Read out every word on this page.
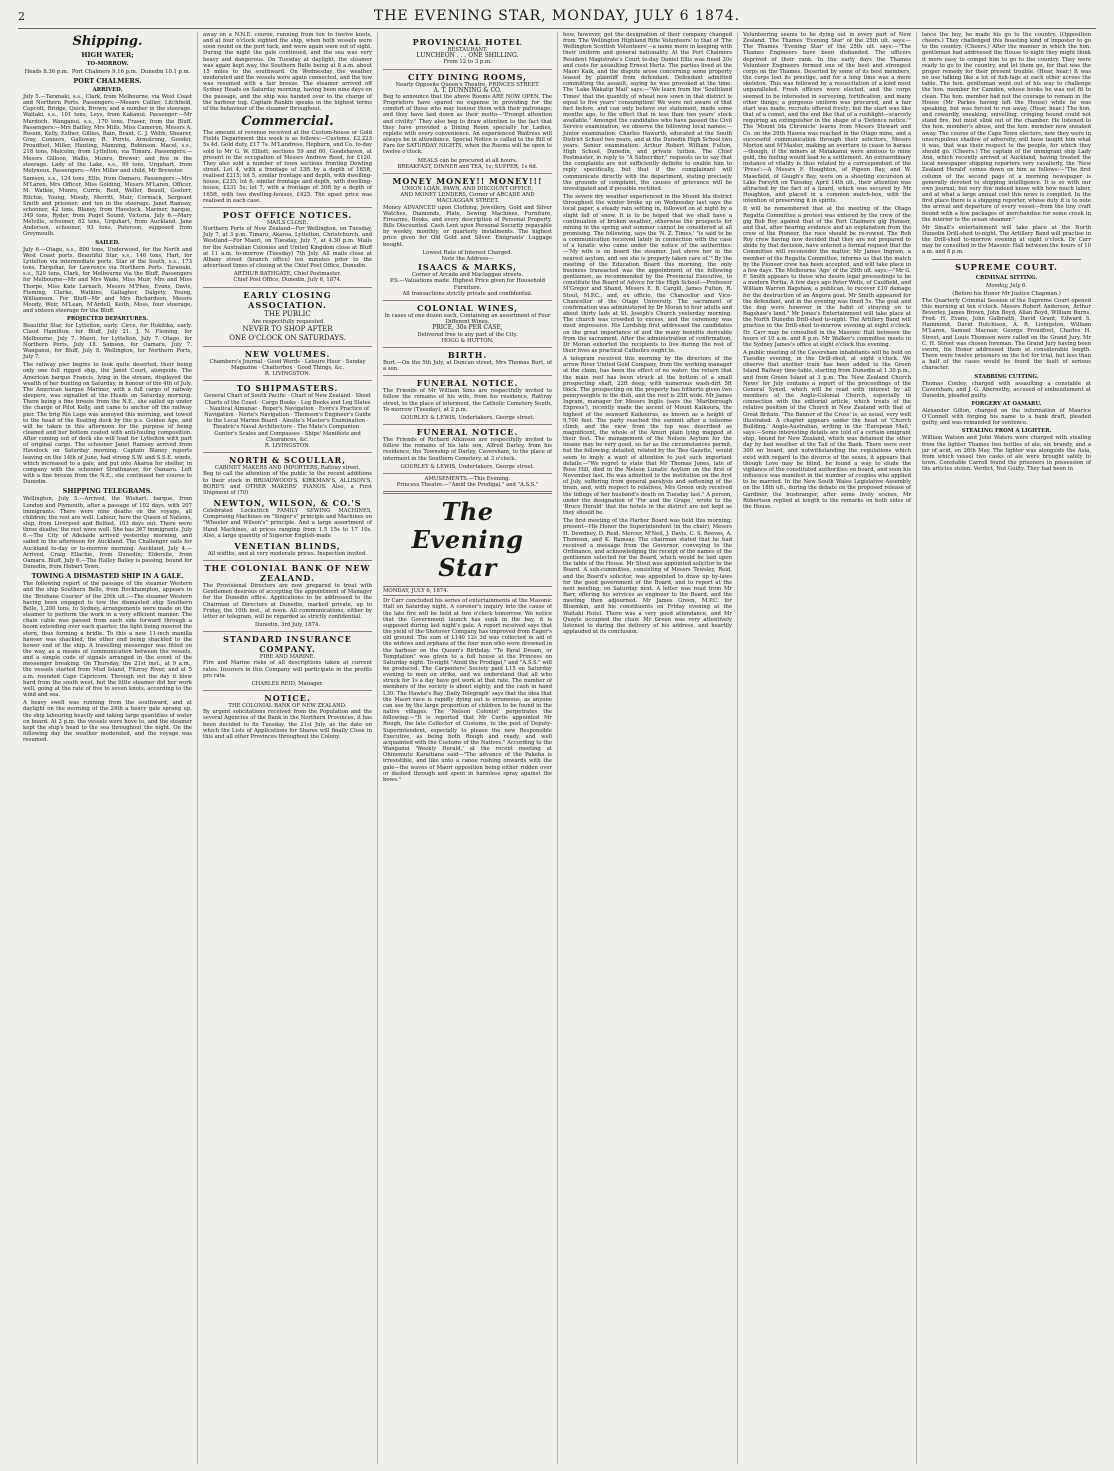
2	THE EVENING STAR, MONDAY, JULY 6 1874.
Shipping.
HIGH WATER;
TO-MORROW.
Heads 8.36 p.m. Port Chalmers 9.16 p.m. Dunedin 10.1 p.m.
PORT CHALMERS.
ARRIVED.

July 5.—Taranaki, s.s., Clark, from Melbourne, via West Coast and Northern Ports. Passengers:—Mesars Collier, Litchfield, Capcott, Bridge, Quick, Brown; and a number in the steerage. Waitaki, s.s., 101 tons, Leys, from Kakanui. Passenger:—Mr Murdoch. Wanganui, s.s., 170 tons, Fraser, from the Bluff. Passengers:—Mrs Bailley, Mrs Mills, Miss Cameron, Messrs A. Rossin, Kelly, Esther, Gillies, Bain, Braid, C. J. Webb, Shearer, Gray, Conners, Galloway, R. Purvis, Armstrong, Gooder, Proudfoot, Miller, Hunting, Manning, Robinson. Macel, s.s., 218 tons, Malcolm, from Lyttelton, via Timaru. Passengers:—Messrs Gilloon, Wallis, Munro, Brewer; and five in the steerage. Lady of the Lake, s.s., 99 tons, Urquhart, from Molyneux. Passengers:—Mrs Miller and child, Mr Brewster.

Samson, s.s., 124 tons, Ellis, from Oamaru. Passengers:—Mrs M'Laren, Mrs Officer, Miss Golding, Messrs M'Laren, Officer, M. Watkie, Munro, Currie, Reid, Weller, Beaull, Gosterr, Ritchie, Young, Moody, Merritt, Muir, Cormack, Sergeant Smith and prisoner; and ten in the steerage. Janet Ramsay, schooner, 42 tons, Blaney, from Havelock. Mariner, barque, 349 tons, Ryder, from Puget Sound, Victoria. July 6.—Mary Melville, schooner, 62 tons, Urquhart, from Auckland. Jane Anderson, schooner, 93 tons, Paterson, supposed from Greymouth.

SAILED.

July 6.—Otago, s.s., 800 tons, Underwood, for the North and West Coast ports. Beautiful Star, s.s., 146 tons, Hart, for Lyttelton via intermediate ports. Star of the South, s.s., 173 tons, Farquhar, for Lawrence via Northern Ports. Taranaki, s.s., 520 tons, Clark, for Melbourne via the Bluff. Passengers for Melbourne—Mr and Mrs Wade, Miss Muir, Mrs and Miss Thorpe, Miss Kate Larnach, Messrs M'Phee, Evans, Davis, Fleming, Clarke, Watkins, Gallagher, Dalgety, Young, Williamson. For Bluff—Mr and Mrs Richardson, Messrs Moody, Weir, M'Lean, M'Ardell, Keith, Moss, four steerage, and sixteen steerage for the Bluff.

PROJECTED DEPARTURES.

Beautiful Star, for Lyttelton, early. Circe, for Hokitika, early. Claud Hamilton, for Bluff, July 21. J. N. Fleming, for Melbourne, July 7. Maori, for Lyttelton, July 7. Otago, for Northern Ports, July 18. Samson, for Oamaru, July 7. Wanganui, for Bluff, July 8. Wellington, for Northern Ports, July 7.

The railway pier begins to look quite deserted, their being only one full rigged ship, the Janet Court, alongside. The American barque Francis, lying in the stream, displayed the wealth of her bunting on Saturday, in honour of the 4th of July. The American barque Mariner, with a full cargo of railway sleepers, was signalled at the Heads on Saturday morning. There being a fine breeze from the N.E., she sailed up under the charge of Pilot Kelly, and came to anchor off the railway pier. The brig Rio Loge was annoyed this morning, and towed to the head of the floating dock by the p.s. Golden Age, and will be taken in this afternoon for the purpose of being cleaned and her bottom coated with anti-fouling composition. After coming out of dock she will load for Lyttelton with part of original cargo. The schooner Janet Ramsay arrived from Havelock on Saturday morning. Captain Blaney reports leaving on the 14th of June, had strong S.W. and S.S.E. winds, which increased to a gale, and put into Akaroa for shelter, in company with the schooner Strathnaver, for Oamaru. Left with a fine breeze from the N.E., she continued her course to Dunedin.

SHIPPING TELEGRAMS.

Wellington, July 5.—Arrived, the Wishart, barque, from London and Plymouth, after a passage of 102 days, with 207 immigrants. There were nine deaths on the voyage, all children; the rest are well. Labour, here the Queen of Nations, ship, from Liverpool and Belfast, 103 days out. There were three deaths; the rest were well. She has 367 immigrants. July 6.—The City of Adelaide arrived yesterday morning, and sailed in the afternoon for Auckland. The Challenger sails for Auckland to-day or to-morrow morning. Auckland, July 4.—Arrived, Craig Ellachie, from Dunedin; Elderslie, from Oamaru. Bluff, July 6.—The Halley Bailey is passing, bound for Dunedin, from Hobart Town.

TOWING A DISMASTED SHIP IN A GALE.

The following report of the passage of the steamer Western and the ship Southern Belle, from Rockhampton, appears in the 'Brisbane Courier' of the 29th ult.:—The steamer Western having been engaged to tow the dismasted ship Southern Belle, 1,200 tons, to Sydney, arrangements were made on the steamer to perform the work in a very efficient manner. The chain cable was passed from each side forward through a boom extending over each quarter, the light being moored the stern, thus forming a bridle. To this a new 11-inch manilla hawser was shackled, the other end being shackled to the bower end of the ship. A travelling messenger was fitted on the way, as a means of communication between the vessels, and a simple code of signals arranged in the event of the messenger breaking. On Thursday, the 21st inst., at 9 a.m., the vessels started from Mud Island, Fitzroy River, and at 5 a.m. rounded Cape Capricorn. Through out the day it blew hard from the south west, but the little steamer did her work well, going at the rate of five to seven knots, according to the wind and sea.

A heavy swell was running from the southward, and at daylight on the morning of the 24th a heavy gale sprang up, the ship labouring heavily and taking large quantities of water on board. At 2 p.m. the vessels were hove to, and the steamer kept the ship's head to the sea throughout the night. On the following day the weather moderated, and the voyage was resumed.

away on a N.N.E. course, running from ten to twelve knots, and at four o'clock sighted the ship, when both vessels were soon round on the port tack, and were again soon out of sight. During the night the gale continued, and the sea was very heavy and dangerous. On Tuesday at daylight, the steamer was again kept way, the Southern Belle being at 8 a.m. about 15 miles to the southward. On Wednesday the weather moderated and the vessels were again connected, and the tow was resumed with a fair breeze. The steamer arrived off Sydney Heads on Saturday morning, having been nine days on the passage, and the ship was handed over to the charge of the harbour tug. Captain Rankin speaks in the highest terms of the behaviour of the steamer throughout.

Commercial.

The amount of revenue received at the Custom-house or Gold Fields Department this week is as follows:—Customs, £2,223 5s 4d. Gold duty, £17 7s. M'Landress, Hepburn, and Co. to-day sold to Mr G. W. Elliott, sections 59 and 60, Goodshaven, at present in the occupation of Messrs Andrew Reed, for £120. They also sold a number of town sections fronting Dowling street. Lot 4, with a frontage of 33ft by a depth of 165ft, realised £215; lot 5, similar frontage and depth, with dwelling-house, £235; lot 6, similar frontage and depth, with dwelling-house, £231 5s; lot 7, with a frontage of 30ft by a depth of 165ft, with two dwelling-houses, £425. The upset price was realised in each case.

POST OFFICE NOTICES.
MAILS CLOSE.

Northern Ports of New Zealand—For Wellington, on Tuesday, July 7, at 3 p.m. Timaru, Akaroa, Lyttelton, Christchurch, and Westland—For Maori, on Tuesday, July 7, at 4.30 p.m. Mails for the Australian Colonies and United Kingdom close at Bluff at 11 a.m. to-morrow (Tuesday) 7th July. All mails close at Albany street (branch office) ten minutes prior to the advertised times of closing at the Chief Post Office, Dunedin.

ARTHUR BATHGATE, Chief Postmaster.
Chief Post Office, Dunedin, July 6, 1874.
EARLY CLOSING ASSOCIATION.
THE PUBLIC
Are respectfully requested
NEVER TO SHOP AFTER
ONE O'CLOCK ON SATURDAYS.
NEW VOLUMES.
Chambers's Journal · Good Words · Leisure Hour · Sunday Magazine · Chatterbox · Good Things, &c.
R. LIVINGSTON.
TO SHIPMASTERS.
General Chart of South Pacific · Chart of New Zealand · Sheet Charts of the Coast · Cargo Books · Log Books and Log Slates · Nautical Almanac · Roper's Navigation · Evers's Practice of Navigation · Norie's Navigation · Thomson's Engineer's Guide to the Local Marine Board · Ainslie's Master's Examination · Theatric's Naval Architecture · The Mate's Companion · Gunter's Scales and Compasses · Ships' Manifests and Clearances, &c.
R. LIVINGSTON.
NORTH & SCOULLAR,
CABINET MAKERS AND IMPORTERS, Rattray street,

Beg to call the attention of the public to the recent additions to their stock in BROADWOOD'S, KIRKMAN'S, ALLISON'S, BORD'S and OTHER MAKERS' PIANOS. Also, a First Shipment of (70)

NEWTON, WILSON, & CO.'S

Celebrated Lockstitch FAMILY SEWING MACHINES, Comprising Machines on "Singer's" principle and Machines on "Wheeler and Wilson's" principle. And a large assortment of Hand Machines, at prices ranging from 1.5 15s to 17 10s. Also, a large quantity of Superior English-made

VENETIAN BLINDS,
All widths, and at very moderate prices. Inspection invited.
THE COLONIAL BANK OF NEW ZEALAND.

The Provisional Directors are now prepared to treat with Gentlemen desirous of accepting the appointment of Manager for the Dunedin office. Applications to be addressed to the Chairman of Directors at Dunedin, marked private, up to Friday, the 10th inst., at noon. All communications, either by letter or telegram, will be regarded as strictly confidential.

Dunedin, 3rd July, 1874.
STANDARD INSURANCE COMPANY.
FIRE AND MARINE.

Fire and Marine risks of all descriptions taken at current rates. Insurers in this Company will participate in the profits pro rata.

CHARLES REID, Manager.
NOTICE.
THE COLONIAL BANK OF NEW ZEALAND.

By urgent solicitations received from the Population and the several Agencies of the Bank in the Northern Provinces, it has been decided to fix Tuesday, the 21st July, as the date on which the Lists of Applications for Shares will finally Close in this and all other Provinces throughout the Colony.

PROVINCIAL HOTEL
RESTAURANT.
LUNCHEON . . . ONE SHILLING.
From 12 to 3 p.m.
CITY DINING ROOMS,
Nearly Opposite Queen's Theatre, PRINCES STREET.
A. T. DUNNING & CO.

Beg to announce that the above Rooms ARE NOW OPEN. The Proprietors have spared no expense in providing for the comfort of those who may honour them with their patronage; and they have laid down as their motto—"Prompt attention and civility." They also beg to draw attention to the fact that they have provided a Dining Room specially for Ladies, replete with every convenience. An experienced Waitress will always be in attendance. Special Notice is called to the Bill of Fare for SATURDAY NIGHTS, when the Rooms will be open to twelve o'clock.

MEALS can be procured at all hours.
BREAKFAST, DINNER and TEA, 1s; SUPPER, 1s 6d.
MONEY MONEY!! MONEY!!!
UNION LOAN, PAWN, AND DISCOUNT OFFICE,
AND MONEY LENDERS, Corner of ARCADE AND MACLAGGAN STREET.

Money ADVANCED upon Clothing, Jewellery, Gold and Silver Watches, Diamonds, Plate, Sewing Machines, Furniture, Firearms, Books, and every description of Personal Property. Bills Discounted. Cash Lent upon Personal Security repayable by weekly, monthly, or quarterly instalments. The highest price given for Old Gold and Silver. Emigrants' Luggage bought.

Lowest Rate of Interest Charged.
Note the Address—
ISAACS & MARKS,
Corner of Arcade and Maclaggan streets.
P.S.—Valuations made. Highest Price given for Household Furniture.
All transactions strictly private and confidential.
COLONIAL WINES,
In cases of one dozen each, Containing an assortment of Four Different Wines.
PRICE, 30s PER CASE,
Delivered free to any part of the City.
HOGG & HUTTON.
BIRTH.

Burt.—On the 5th July, at Duncan street, Mrs Thomas Burt, of a son.

FUNERAL NOTICE.

The Friends of Mr William Sims are respectfully invited to follow the remains of his wife, from his residence, Rattray street, to the place of interment, the Catholic Cemetery South, To-morrow (Tuesday), at 2 p.m.

GOURLEY & LEWIS, Undertakers, George street.
FUNERAL NOTICE.

The Friends of Richard Atkinson are respectfully invited to follow the remains of his late son, Alfred Darley, from his residence, the Township of Darley, Caversham, to the place of interment in the Southern Cemetery, at 3 o'clock.

GOURLEY & LEWIS, Undertakers, George street.
AMUSEMENTS.—This Evening.
Princess Theatre.—"Amid the Prodigal," and "A.S.S."
The Evening Star
MONDAY, JULY 6, 1874.

Dr Carr concluded his series of entertainments at the Masonic Hall on Saturday night. A coroner's inquiry into the cause of the late fire will be held at two o'clock tomorrow. We notice that the Government launch has sunk in the bay, it is supposed during last night's gale. A report received says that the yield of the Shotover Company has improved from Eager's old ground. The sum of L140 12s 3d was collected in aid of the widows and orphans of the four men who were drowned in the harbour on the Queen's Birthday. "To Paral Dream, or Temptation" was given to a full house at the Princess on Saturday night. To-night "Amid the Prodigal," and "A.S.S." will be produced. The Carpenters' Society paid L15 on Saturday evening to men on strike, and we understand that all who struck for 1s a day have got work at that rate. The number of members of the society is about eighty, and the cash in hand L30. The Hawke's Bay 'Daily Telegraph' says that the idea that the Maori race is rapidly dying out is erroneous, as anyone can see by the large proportion of children to be found in the native villages. The 'Nelson Colonist' perpetrates the following:—"It is reported that Mr Curtis appointed Mr Rough, the late Collector of Customs, to the post of Deputy-Superintendent, especially to please the new Responsible Executive, as being both Rough and ready, and well acquainted with the Customs of the Natives." According to the Wanganui 'Weekly Herald,' at the recent meeting at Ohinemutu Karaitiana said—"The advance of the Pakeha is irresistible, and like unto a canoe rushing onwards with the gale—the waves of Maori opposition being either ridden over or dashed through and spent in harmless spray against the bows."

how, however, got the designation of their company changed from 'The Wellington Highland Rifle Volunteers' to that of 'The Wellington Scottish Volunteers'—a name more in keeping with their uniform and general nationality. At the Port Chalmers Resident Magistrate's Court to-day Daniel Ellis was fined 20s and costs for assaulting Ernest Hertz. The parties lived at the Maori Kaik, and the dispute arose concerning some property leased by plaintiff from defendant. Defendant admitted committing the assault, saying he was provoked at the time. The 'Lake Wakatip Mail' says:—"We learn from the 'Southland Times' that the quantity of wheat now sown in that district is equal to five years' consumption! We were not aware of that fact before, and can only believe our statement, made some months ago, to the effect that in less than two years' stock available." Amongst the candidates who have passed the Civil Service examination, we observe the following local names:—Junior examination: Charles Haworth, educated at the South District School two years, and at the Dunedin High School two years. Senior examination: Arthur Robert William Fulton, High School, Dunedin, and private tuition. The Chief Postmaster, in reply to "A Subscriber," requests us to say that the complaints are not sufficiently definite to enable him to reply specifically, but that if the complainant will communicate directly with the department, stating precisely the grounds of complaint, the causes of grievance will be investigated and if possible rectified.

The severe dry weather experienced in the Mount Ida district throughout the winter broke up on Wednesday last says the local paper, a steady rain setting in, followed on at night by a slight fall of snow. It is to be hoped that we shall have a continuation of broken weather, otherwise the prospects for mining in the spring and summer cannot be considered at all promising. The following, says the 'N. Z. Times,' "is said to be a communication received lately in connection with the case of a lunatic who came under the notice of the authorities:—'My wife is on board the steamer. Just shove her in the nearest asylum, and see she is properly taken care of.'" By the meeting of the Education Board this morning, the only business transacted was the appointment of the following gentlemen, as recommended by the Provincial Executive, to constitute the Board of Advice for the High School:—Professor M'Gregor and Shand, Messrs E. B. Cargill, James Fulton, R. Stout, M.P.C., and, ex officio, the Chancellor and Vice-Chancellor of the Otago University. The sacrament of confirmation was administered by Dr Moran to four adults and about thirty lads at St. Joseph's Church yesterday morning. The church was crowded to excess, and the ceremony was most impressive. His Lordship first addressed the candidates on the great importance of and the many benefits derivable from the sacrament. After the administration of confirmation, Dr Moran exhorted the recipients to live during the rest of their lives as practical Catholics ought to.

A telegram received this morning by the directors of the arrow River United Gold Company, from the working manager at the claim, has been the effect of no water: the return that the main reef has been struck at the bottom of a small prospecting shaft, 22ft deep, with numerous wash-dirt 5ft thick. The prospecting on the property has hitherto given two pennyweights to the dish, and the reef is 25ft wide. Mr James Ingram, manager for Messrs Inglis (says the 'Marlborough Express'), recently made the ascent of Mount Kaikoura, the highest of the seaward Kaikouras, as known as a height of 9,700 feet. The party reached the summit after a toilsome climb, and the view from the top was described as magnificent, the whole of the Amuri plain lying mapped at their feet. The management of the Nelson Asylum for the insane may be very good, so far as the circumstances permit, but the following, detailed, related by the 'Bee Gazette,' would seem to imply a want of attention to just such important details:—"We regret to state that Mr Thomas Jones, late of Rose Hill, died in the Nelson Lunatic Asylum on the first of November last. He was admitted to the institution on the first of July, suffering from general paralysis and softening of the brain, and, with respect to relatives, Mrs Green only received the tidings of her husband's death on Tuesday last." A person, under the designation of 'For and the Grape,' wrote to the 'Bruce Herald' that the hotels in the district are not kept as they should be.

The first meeting of the Harbor Board was held this morning; present—His Honor the Superintendent (in the chair), Messrs H. Dewdney, D. Reid, Mercer, M'Neil, J. Davis, C. S. Reeves, A. Thomson, and K. Ramsay. The chairman stated that he had received a message from the Governor, conveying to the Ordinance, and acknowledging the receipt of the names of the gentlemen selected for the Board, which would be laid upon the table of the House. Mr Stout was appointed solicitor to the Board. A sub-committee, consisting of Messrs Tewsley, Reid, and the Board's solicitor, was appointed to draw up by-laws for the good government of the Board, and to report at the next meeting, on Saturday next. A letter was read from Mr Barr, offering his services as engineer to the Board, and the meeting then adjourned. Mr James Green, M.P.C. for Bluemkin, and his constituents on Friday evening at the Waitahi Hotel. There was a very good attendance, and Mr Quayle occupied the chair. Mr Green was very attentively listened to during the delivery of his address, and heartily applauded at its conclusion.

Volunteering seems to be dying out in every part of New Zealand. The Thames 'Evening Star' of the 25th ult. says:—The Thames 'Evening Star' of the 25th ult. says:—"The Thames Engineers have been disbanded. The officers deprived of their rank. In the early days the Thames Volunteer Engineers formed one of the best and strongest corps on the Thames. Deserted by some of its best members, the corps lost its prestige, and for a long time was a mere skeleton. This was followed by a resuscitation of a kind most unparalleled. Fresh officers were elected, and the corps seemed to be interested in surveying, fortification, and many other things; a gorgeous uniform was procured, and a fair start was made, recruits offered freely; but the start was like that of a comet, and the end like that of a rushlight—scarcely requiring an extinguisher in the shape of a 'Defence notice.'" The 'Mount Ida Chronicle' learns from Messrs Stewart and Co. on the 29th Hawea was reached in the Otago mine, and a successful communication through their solicitors, Messrs Morton and M'Master, making an overture to cease to harass—though, if the miners at Matakanui were anxious to mine gold, the feeling would lead to a settlement. An extraordinary instance of vitality is thus related by a correspondent of the 'Press':—A Messrs F. Houghton, of Pigeon Bay, and W. Masefield, of Gough's Bay, were on a shooting excursion at Lake Forsyth on Tuesday, April 14th ult., their attention was attracted by the fact of a lizard, which was secured by Mr Houghton, and placed in a common match-box, with the intention of preserving it in spirits.

It will be remembered that at the meeting of the Otago Regatta Committee a protest was entered by the crew of the gig Rob Roy against that of the Port Chalmers gig Pioneer, and that, after hearing evidence and an explanation from the crew of the Pioneer, the race should be re-rowed. The Rob Roy crew having now decided that they are not prepared to abide by that decision, have entered a formal request that the Committee will reconsider the matter. Mr James Ingram, a member of the Regatta Committee, informs us that the match by the Pioneer crew has been accepted, and will take place in a few days. The Melbourne 'Age' of the 29th ult. says:—"Mr G. F. Smith appears to those who desire legal proceedings to be a modern Portia. A few days ago Peter Wells, of Caulfield, and William Warren Bagshaw, a publican, to recover £10 damage for the destruction of an Angora goat. Mr Smith appeared for the defendant, and in the evening was fined 5s. The goat and the dog were however in the habit of straying on to Bagshaw's land." Mr Jones's Entertainment will take place at the North Dunedin Drill-shed to-night. The Artillery Band will practise in the Drill-shed to-morrow evening at eight o'clock. Dr. Carr may be consulted in the Masonic Hall between the hours of 10 a.m. and 8 p.m. Mr Walker's committee meets in the Sydney James's office at eight o'clock this evening.

A public meeting of the Caversham inhabitants will be held on Tuesday evening, in the Drill-shed, at eight o'clock. We observe that another train has been added to the Green Island Railway time-table, starting from Dunedin at 1.30 p.m., and from Green Island at 3 p.m. The 'New Zealand Church News' for July contains a report of the proceedings of the General Synod, which will be read with interest by all members of the Anglo-Colonial Church, especially in connection with the editorial article, which treats of the relative position of the Church in New Zealand with that of Great Britain. 'The Banner of the Cross' is, as usual, very well illustrated. A chapter appears under the head of 'Church Building.' Anglo-Australian, writing in the 'European Mail,' says:—Some interesting details are told of a certain emigrant ship, bound for New Zealand, which was detained the other day by bad weather at the Tail of the Bank. There were over 300 on board, and notwithstanding the regulations which exist with regard to the divorce of the sexes, it appears that though Love may be blind, he found a way to elude the vigilance of the constituted authorities on board, and soon his influence was manifest in the number of couples who applied to be married. In the New South Wales Legislative Assembly on the 18th ult., during the debate on the proposed release of Gardiner, the bushranger, after some lively scenes, Mr Robertson replied at length to the remarks on both sides of the House.

lance the boy, he made his go to the country. (Opposition cheers.) They challenged this boasting kind of imposter to go to the country. (Cheers.) After the manner in which the hon. gentleman had addressed the House to-night they might think it more easy to compel him to go to the country. They were ready to go to the country, and let them go, for that was the proper remedy for their present trouble. (Hear, hear.) It was no use talking like a lot of fish-fags at each other across the table. The hon. gentleman went out of his way to challenge the hon. member for Camden, whose books he was not fit to clean. The hon. member had not the courage to remain in the House (Mr Parkes having left the House) while he was speaking, but was forced to run away. (Hear, hear.) The hon. and cowardly, sneaking, snivelling, cringing hound could not stand fire, but must slink out of the chamber. He listened to the hon. member's abuse, and the hon. member now sneaked away. The course of the Cape Town electors, now they were in unscrupulous shadow of adversity, will have taught him what it was, that was their respect to the people, for which they should go. (Cheers.) The captain of the immigrant ship Lady Ann, which recently arrived at Auckland, having treated the local newspaper shipping reporters very cavalierly, the 'New Zealand Herald' comes down on him as follows:—"The first column of the second page of a morning newspaper is generally devoted to shipping intelligence. It is so with our own journal; but very few indeed know with how much labor, and at what a large annual cost this news is compiled. In the first place there is a shipping reporter, whose duty it is to note the arrival and departure of every vessel—from the tiny craft bound with a few packages of merchandise for some creek in the interior to the ocean steamer."

Mr Small's entertainment will take place at the North Dunedin Drill-shed to-night. The Artillery Band will practise in the Drill-shed to-morrow evening at eight o'clock. Dr Carr may be consulted in the Masonic Hall between the hours of 10 a.m. and 8 p.m.

SUPREME COURT.
CRIMINAL SITTING.
Monday, July 6.
(Before his Honor Mr Justice Chapman.)

The Quarterly Criminal Session of the Supreme Court opened this morning at ten o'clock. Messrs Robert Anderson, Arthur Beverley, James Brown, John Boyd, Allan Boyd, William Burns, Fred. H. Evans, John Galbraith, David Grant, Edward S. Hammond, David Hutchison, A. R. Livingston, William M'Laren, Samuel Macnair, George Proudfoot, Charles H. Street, and Louis Thomsen were called on the Grand Jury. Mr C. H. Street was chosen foreman. The Grand Jury having been sworn, his Honor addressed them at considerable length. There were twelve prisoners on the list for trial, but less than a half of the cases would be found the fault of serious character.

STABBING CUTTING.

Thomas Conley, charged with assaulting a constable at Caversham; and J. G. Abernethy, accused of embezzlement at Dunedin, pleaded guilty.

FORGERY AT OAMARU.

Alexander Gillon, charged on the information of Maurice O'Connell with forging his name to a bank draft, pleaded guilty, and was remanded for sentence.

STEALING FROM A LIGHTER.

William Watson and John Waters were charged with stealing from the lighter Thames two bottles of ale, six brandy, and a jar of acid, on 26th May. The lighter was alongside the Asia, from which vessel two casks of ale were brought safely to town. Constable Carroll found the prisoners in possession of the articles stolen. Verdict, Not Guilty. They had been in
